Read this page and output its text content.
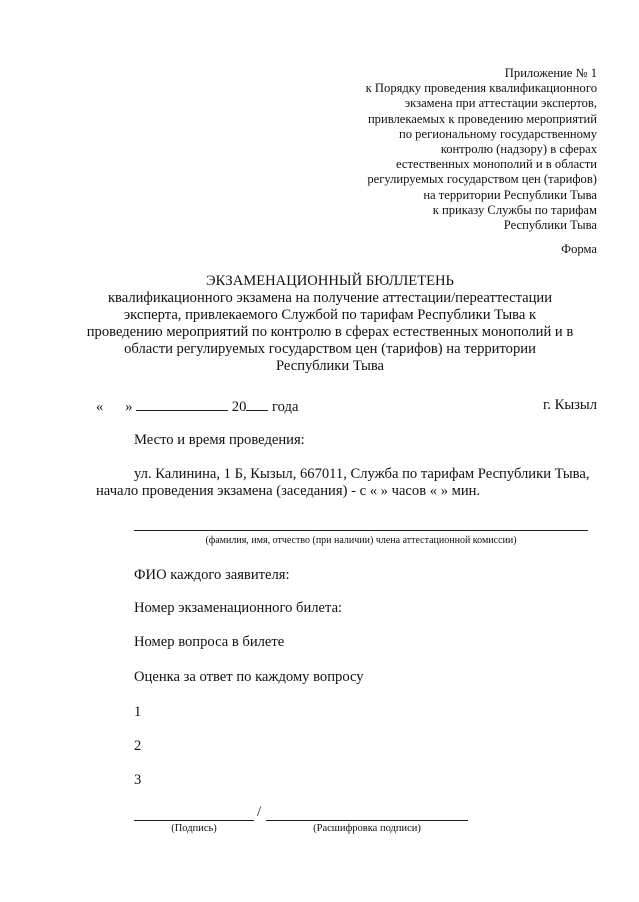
Приложение № 1
к Порядку проведения квалификационного
экзамена при аттестации экспертов,
привлекаемых к проведению мероприятий
по региональному государственному
контролю (надзору) в сферах
естественных монополий и в области
регулируемых государством цен (тарифов)
на территории Республики Тыва
к приказу Службы по тарифам
Республики Тыва
Форма
ЭКЗАМЕНАЦИОННЫЙ БЮЛЛЕТЕНЬ
квалификационного экзамена на получение аттестации/переаттестации
эксперта, привлекаемого Службой по тарифам Республики Тыва к
проведению мероприятий по контролю в сферах естественных монополий и в
области регулируемых государством цен (тарифов) на территории
Республики Тыва
« »	20 года	г. Кызыл
Место и время проведения:
ул. Калинина, 1 Б, Кызыл, 667011, Служба по тарифам Республики Тыва,
начало проведения экзамена (заседания) - с « » часов « » мин.
(фамилия, имя, отчество (при наличии) члена аттестационной комиссии)
ФИО каждого заявителя:
Номер экзаменационного билета:
Номер вопроса в билете
Оценка за ответ по каждому вопросу
1
2
3
/
(Подпись)	(Расшифровка подписи)
